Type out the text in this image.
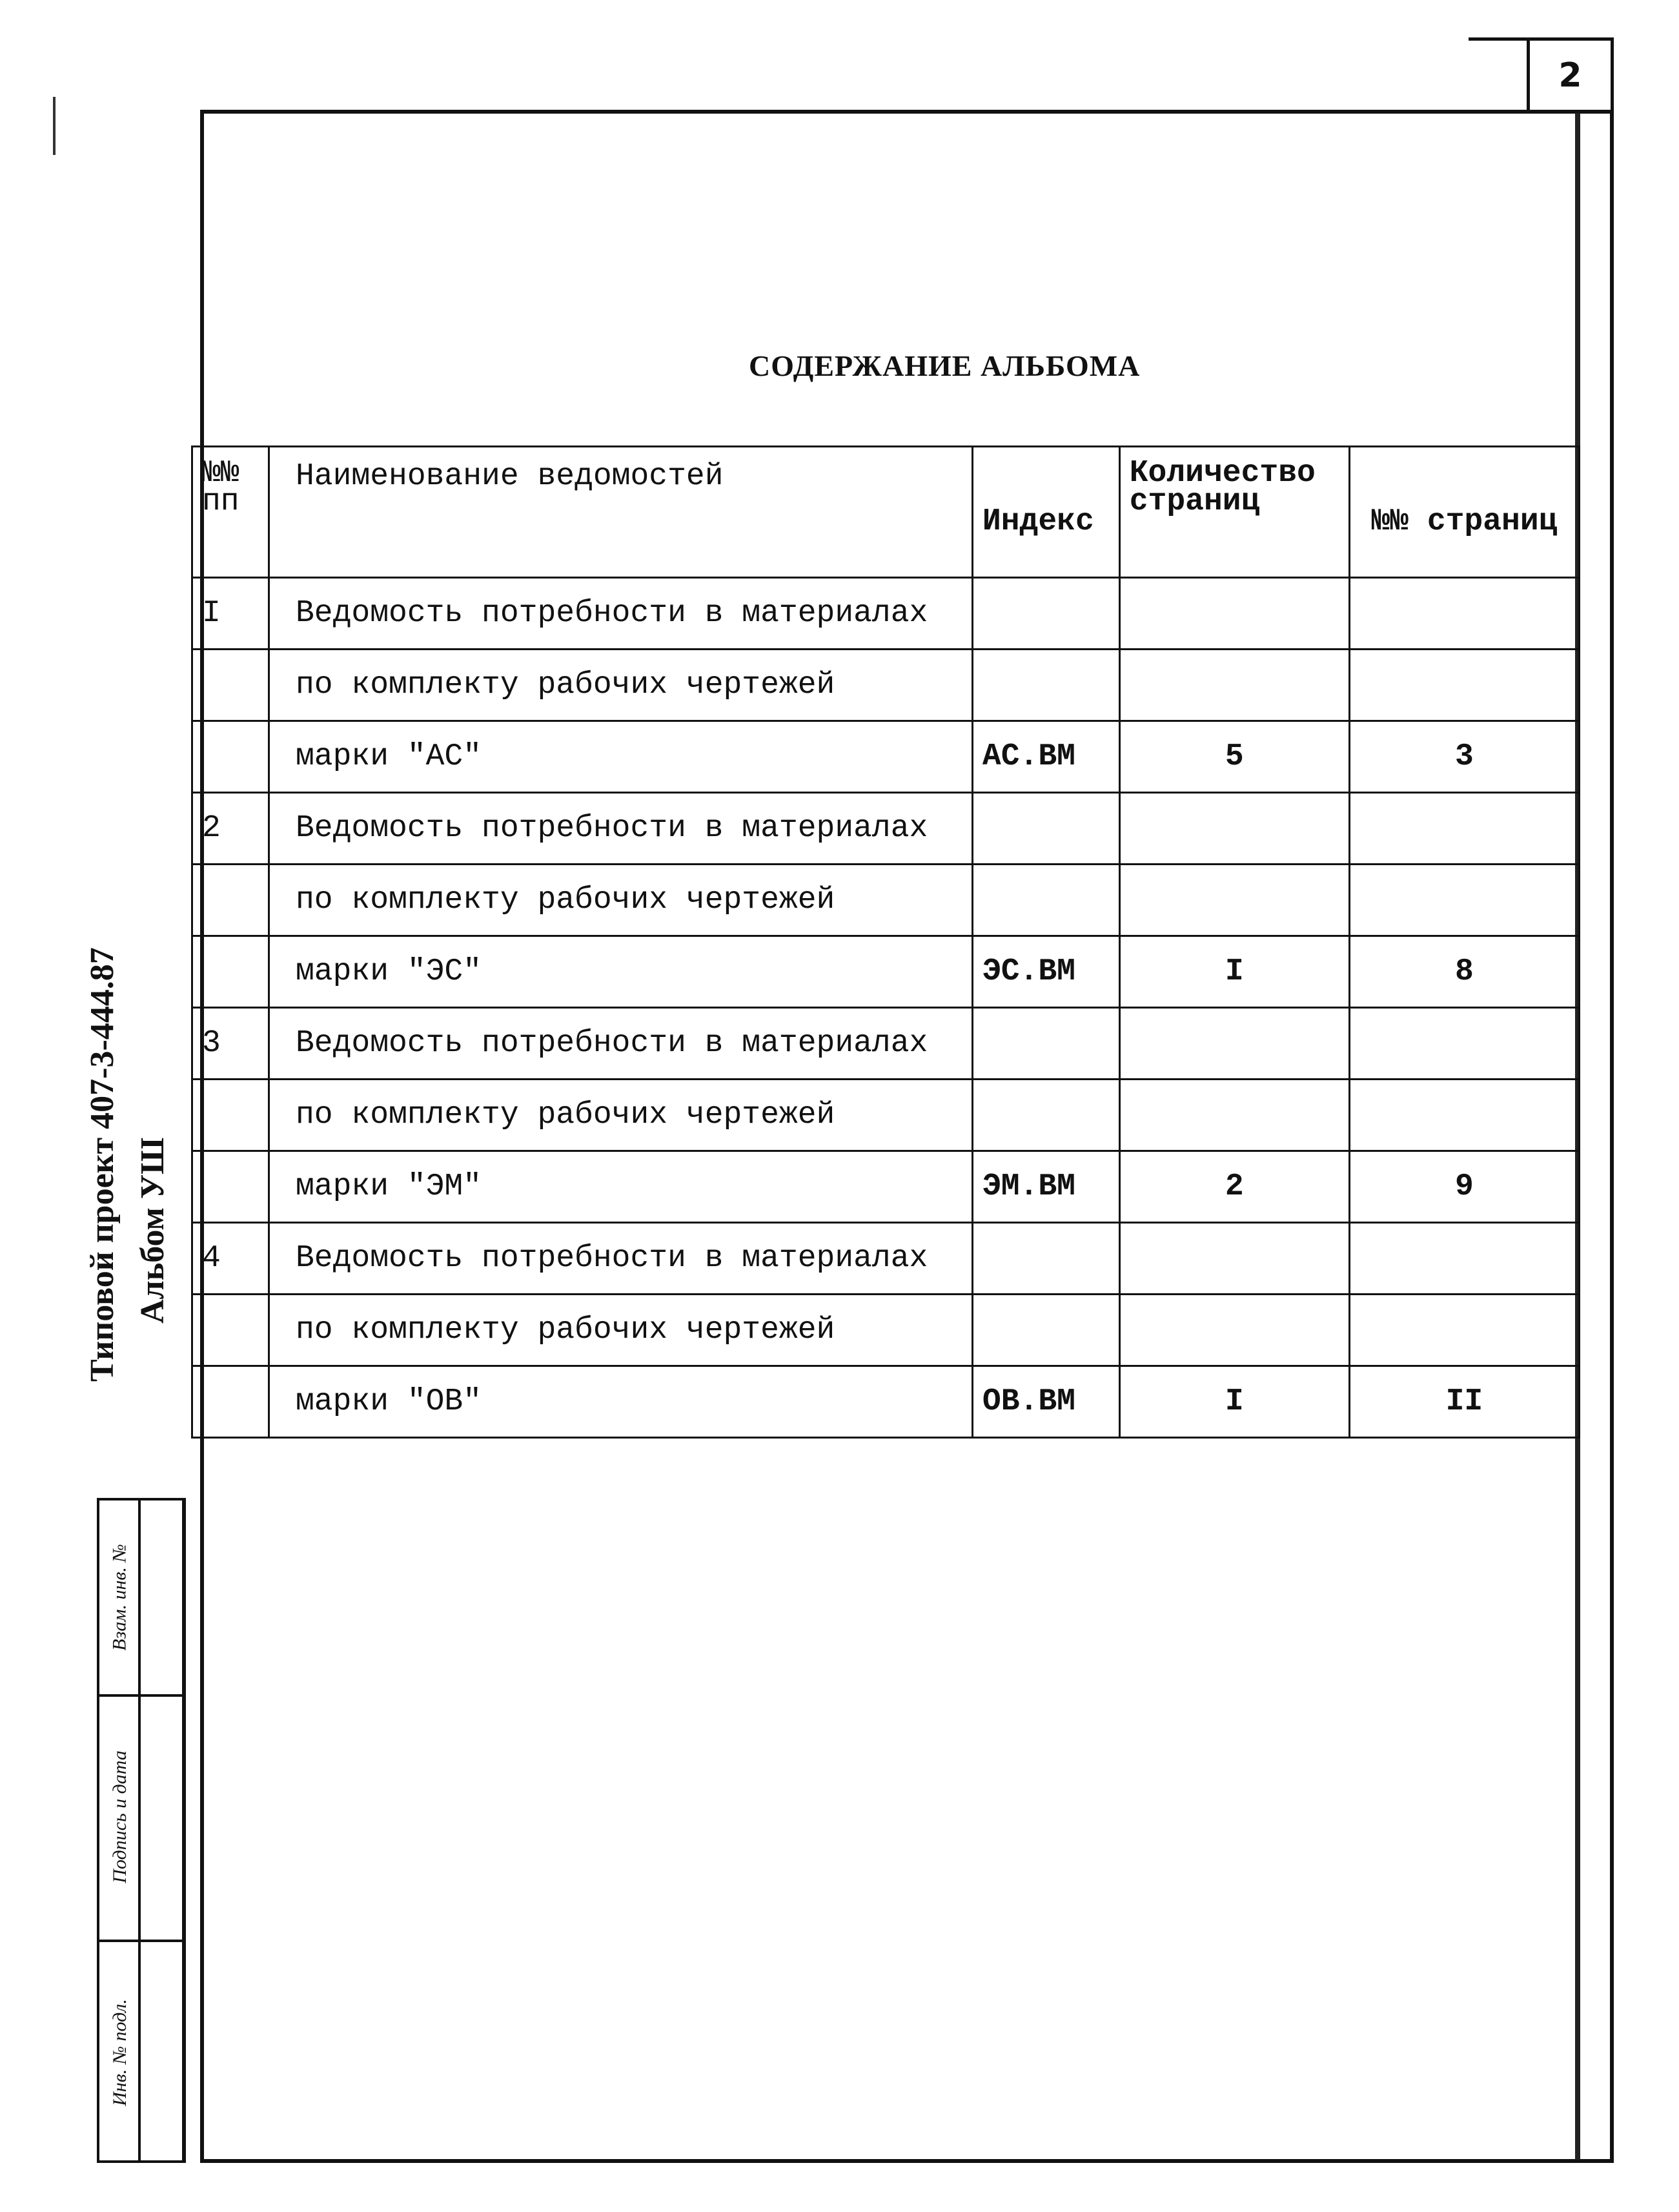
2
СОДЕРЖАНИЕ АЛЬБОМА
Типовой проект 407-3-444.87 Альбом УШ
№№
пп	Наименование ведомостей	Индекс	Количество
страниц	№№ страниц
I	Ведомость потребности в материалах			
	по комплекту рабочих чертежей			
	марки "АС"	АС.ВМ	5	3
2	Ведомость потребности в материалах			
	по комплекту рабочих чертежей			
	марки "ЭС"	ЭС.ВМ	I	8
3	Ведомость потребности в материалах			
	по комплекту рабочих чертежей			
	марки "ЭМ"	ЭМ.ВМ	2	9
4	Ведомость потребности в материалах			
	по комплекту рабочих чертежей			
	марки "ОВ"	ОВ.ВМ	I	II
Взам. инв. №
Подпись и дата
Инв. № подл.
